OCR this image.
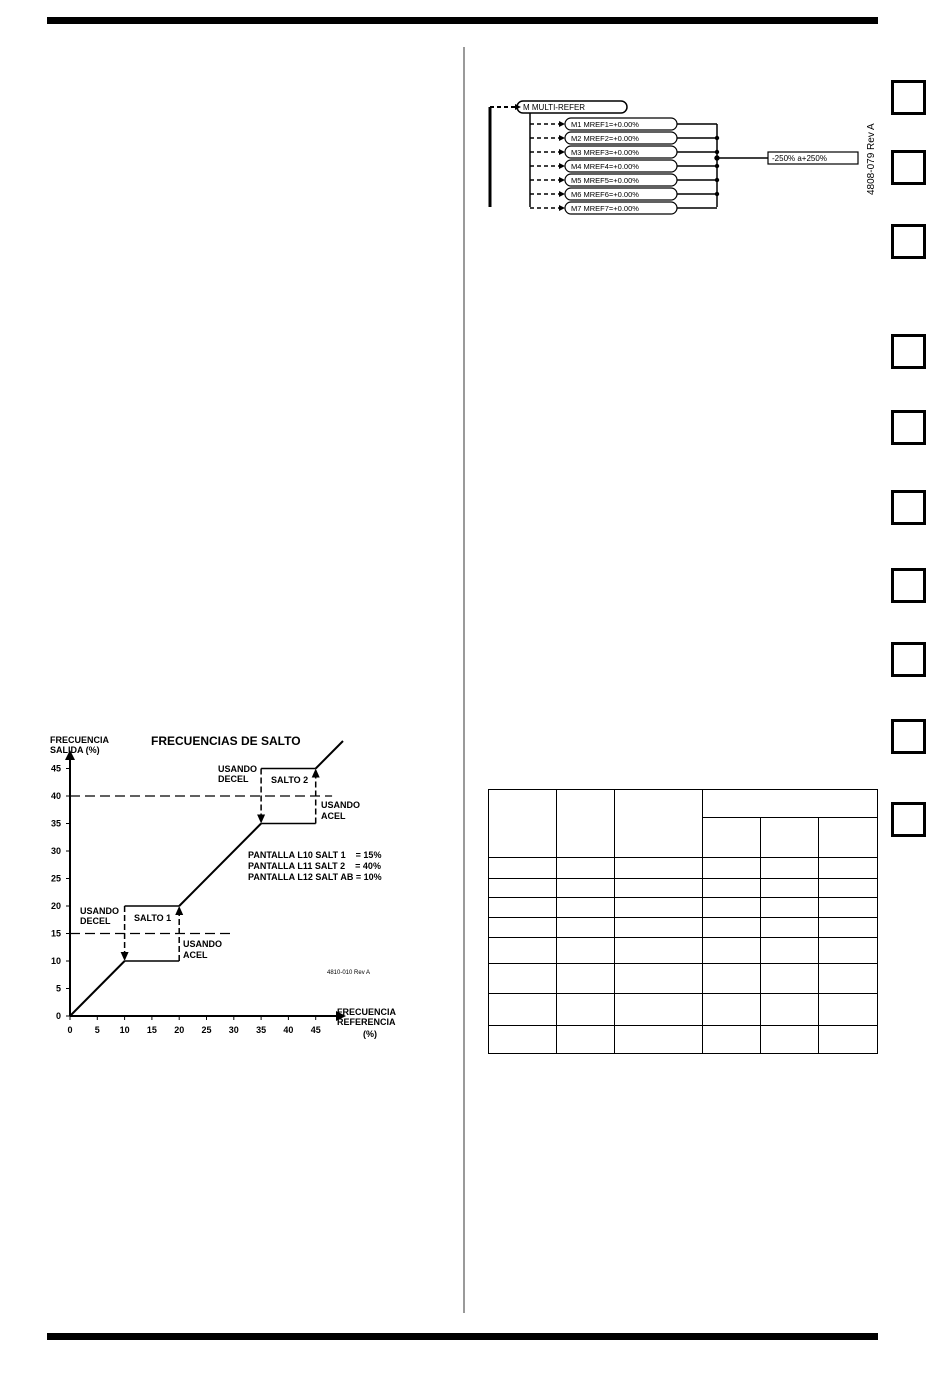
M1 MREF1=+0.00%
M2 MREF2=+0.00%
M3 MREF3=+0.00%
M4 MREF4=+0.00%
M5 MREF5=+0.00%
M6 MREF6=+0.00%
M7 MREF7=+0.00%
-250% a+250%
M MULTI-REFER
4808-079 Rev A
0 5 10 15 20 25 30 35 40 45
0
5
10
15
20
25
30
35
40
45
FRECUENCIAS DE SALTO
FRECUENCIA
SALIDA (%)
FRECUENCIA
REFERENCIA
(%)
PANTALLA L10 SALT 1    = 15%
PANTALLA L11 SALT 2    = 40%
PANTALLA L12 SALT AB = 10%
4810-010 Rev A
USANDO
DECEL
USANDO
ACEL
USANDO
DECEL
USANDO
ACEL
SALTO 1
SALTO 2
